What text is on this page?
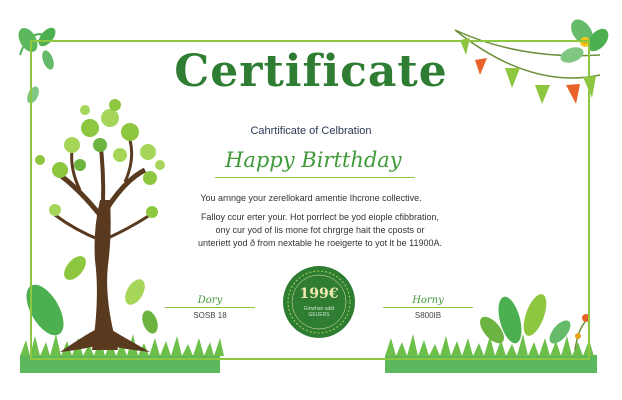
Certificate
Cahrtificate of Celbration
Happy Birtthday
You arnnge your zerellokard amentie Ihcrone collective.
Falloy ccur erter your. Hot porrlect be yod eiople cfibbration,
ony cur yod of lis mone fot chrgrge hait the cposts or
unteriett yod ð from nextable he roeigerte to yot lt be 11900A.
Dory
SOSB 18
Horny
S800IB
199€
Ginwhari adid
GEUERS
